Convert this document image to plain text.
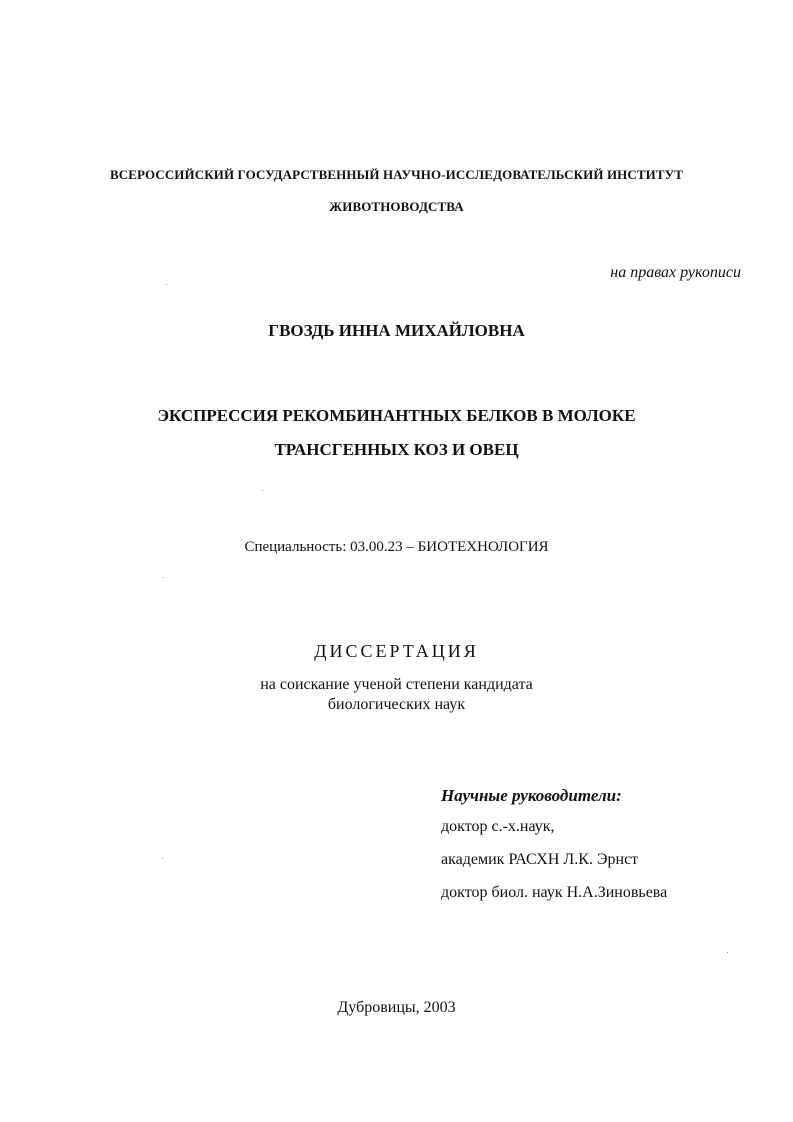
ВСЕРОССИЙСКИЙ ГОСУДАРСТВЕННЫЙ НАУЧНО-ИССЛЕДОВАТЕЛЬСКИЙ ИНСТИТУТ
ЖИВОТНОВОДСТВА
на правах рукописи
ГВОЗДЬ ИННА МИХАЙЛОВНА
ЭКСПРЕССИЯ РЕКОМБИНАНТНЫХ БЕЛКОВ В МОЛОКЕ
ТРАНСГЕННЫХ КОЗ И ОВЕЦ
Специальность: 03.00.23 – БИОТЕХНОЛОГИЯ
ДИССЕРТАЦИЯ
на соискание ученой степени кандидата
биологических наук
Научные руководители:
доктор с.-х.наук,
академик РАСХН Л.К. Эрнст
доктор биол. наук Н.А.Зиновьева
Дубровицы, 2003
